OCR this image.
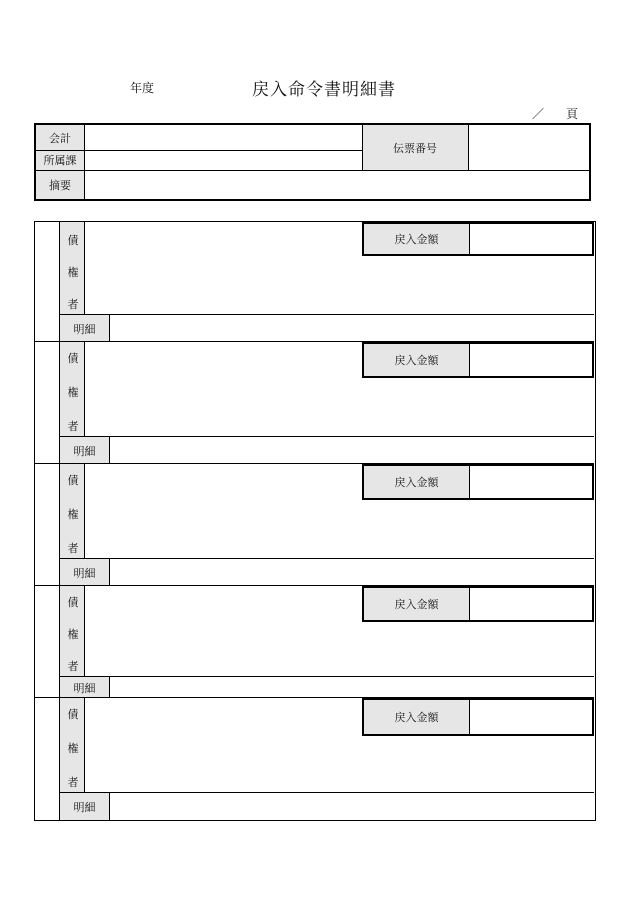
年度	戻入命令書明細書
／ 頁
会計
所属課
摘要
伝票番号
債
権
者
戻入金額
明細
債
権
者
戻入金額
明細
債
権
者
戻入金額
明細
債
権
者
戻入金額
明細
債
権
者
戻入金額
明細
